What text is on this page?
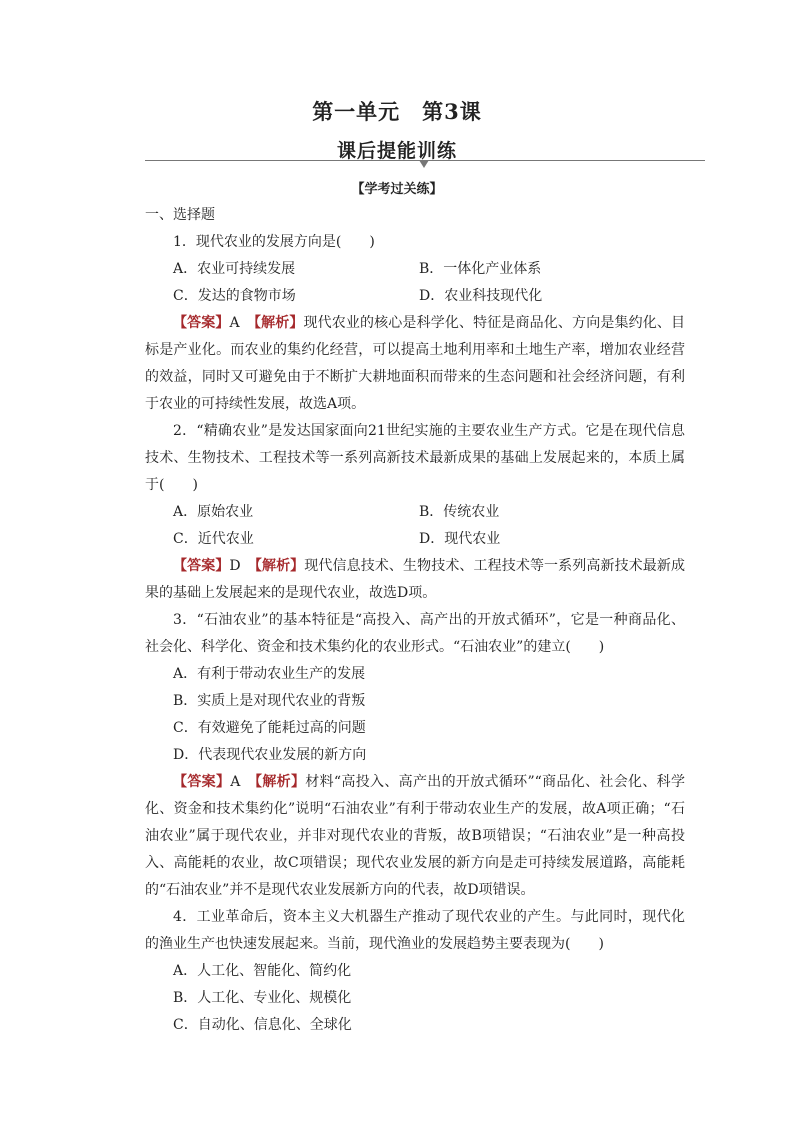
第一单元　第3课
课后提能训练
【学考过关练】

一、选择题

1．现代农业的发展方向是(　　)

A．农业可持续发展	B．一体化产业体系
C．发达的食物市场	D．农业科技现代化

【答案】A　【解析】现代农业的核心是科学化、特征是商品化、方向是集约化、目标是产业化。而农业的集约化经营，可以提高土地利用率和土地生产率，增加农业经营的效益，同时又可避免由于不断扩大耕地面积而带来的生态问题和社会经济问题，有利于农业的可持续性发展，故选A项。

2．“精确农业”是发达国家面向21世纪实施的主要农业生产方式。它是在现代信息技术、生物技术、工程技术等一系列高新技术最新成果的基础上发展起来的，本质上属于(　　)

A．原始农业	B．传统农业
C．近代农业	D．现代农业

【答案】D　【解析】现代信息技术、生物技术、工程技术等一系列高新技术最新成果的基础上发展起来的是现代农业，故选D项。

3．“石油农业”的基本特征是“高投入、高产出的开放式循环”，它是一种商品化、社会化、科学化、资金和技术集约化的农业形式。“石油农业”的建立(　　)

A．有利于带动农业生产的发展

B．实质上是对现代农业的背叛

C．有效避免了能耗过高的问题

D．代表现代农业发展的新方向

【答案】A　【解析】材料“高投入、高产出的开放式循环”“商品化、社会化、科学化、资金和技术集约化”说明“石油农业”有利于带动农业生产的发展，故A项正确；“石油农业”属于现代农业，并非对现代农业的背叛，故B项错误；“石油农业”是一种高投入、高能耗的农业，故C项错误；现代农业发展的新方向是走可持续发展道路，高能耗的“石油农业”并不是现代农业发展新方向的代表，故D项错误。

4．工业革命后，资本主义大机器生产推动了现代农业的产生。与此同时，现代化的渔业生产也快速发展起来。当前，现代渔业的发展趋势主要表现为(　　)

A．人工化、智能化、简约化

B．人工化、专业化、规模化

C．自动化、信息化、全球化
